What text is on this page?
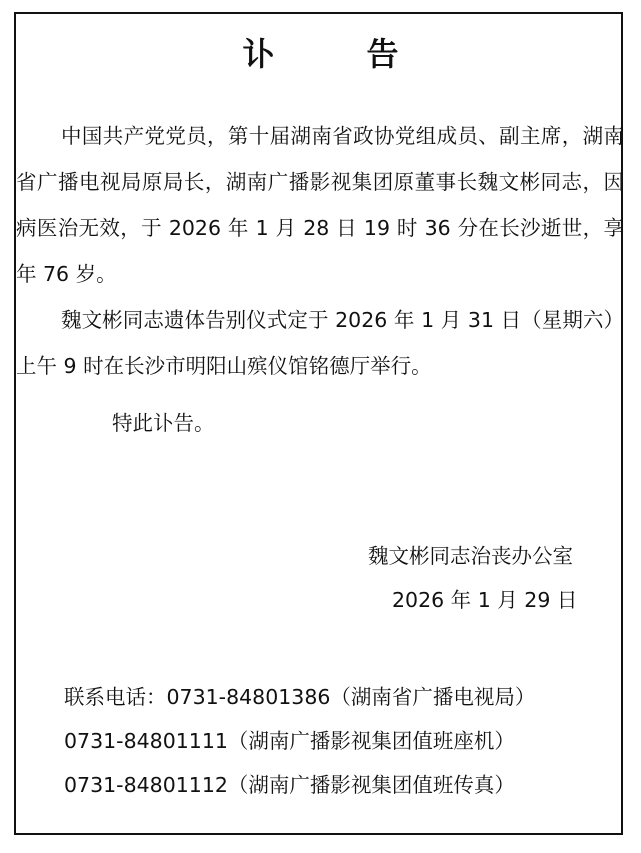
讣　告

中国共产党党员，第十届湖南省政协党组成员、副主席，湖南省广播电视局原局长，湖南广播影视集团原董事长魏文彬同志，因病医治无效，于 2026 年 1 月 28 日 19 时 36 分在长沙逝世，享年 76 岁。

魏文彬同志遗体告别仪式定于 2026 年 1 月 31 日（星期六）上午 9 时在长沙市明阳山殡仪馆铭德厅举行。

特此讣告。
魏文彬同志治丧办公室
2026 年 1 月 29 日
联系电话：0731-84801386（湖南省广播电视局）
0731-84801111（湖南广播影视集团值班座机）
0731-84801112（湖南广播影视集团值班传真）
